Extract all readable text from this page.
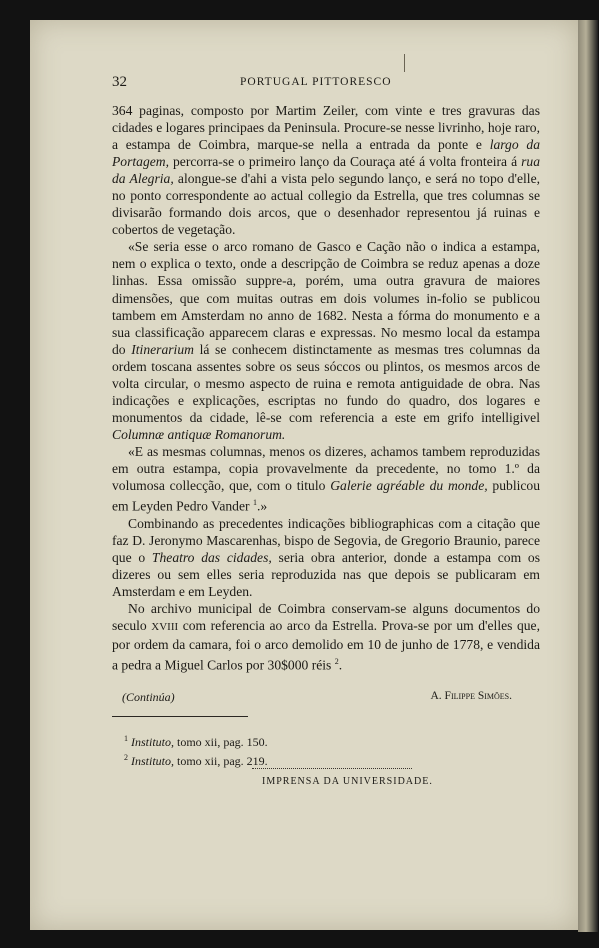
32	PORTUGAL PITTORESCO

364 paginas, composto por Martim Zeiler, com vinte e tres gravuras das cidades e logares principaes da Peninsula. Procure-se nesse livrinho, hoje raro, a estampa de Coimbra, marque-se nella a entrada da ponte e largo da Portagem, percorra-se o primeiro lanço da Couraça até á volta fronteira á rua da Alegria, alongue-se d'ahi a vista pelo segundo lanço, e será no topo d'elle, no ponto correspondente ao actual collegio da Estrella, que tres columnas se divisarão formando dois arcos, que o desenhador representou já ruinas e cobertos de vegetação.

«Se seria esse o arco romano de Gasco e Cação não o indica a estampa, nem o explica o texto, onde a descripção de Coimbra se reduz apenas a doze linhas. Essa omissão suppre-a, porém, uma outra gravura de maiores dimensões, que com muitas outras em dois volumes in-folio se publicou tambem em Amsterdam no anno de 1682. Nesta a fórma do monumento e a sua classificação apparecem claras e expressas. No mesmo local da estampa do Itinerarium lá se conhecem distinctamente as mesmas tres columnas da ordem toscana assentes sobre os seus sóccos ou plintos, os mesmos arcos de volta circular, o mesmo aspecto de ruina e remota antiguidade de obra. Nas indicações e explicações, escriptas no fundo do quadro, dos logares e monumentos da cidade, lê-se com referencia a este em grifo intelligivel Columnæ antiquæ Romanorum.

«E as mesmas columnas, menos os dizeres, achamos tambem reproduzidas em outra estampa, copia provavelmente da precedente, no tomo 1.º da volumosa collecção, que, com o titulo Galerie agréable du monde, publicou em Leyden Pedro Vander $^1$.»

Combinando as precedentes indicações bibliographicas com a citação que faz D. Jeronymo Mascarenhas, bispo de Segovia, de Gregorio Braunio, parece que o Theatro das cidades, seria obra anterior, donde a estampa com os dizeres ou sem elles seria reproduzida nas que depois se publicaram em Amsterdam e em Leyden.

No archivo municipal de Coimbra conservam-se alguns documentos do seculo XVIII com referencia ao arco da Estrella. Prova-se por um d'elles que, por ordem da camara, foi o arco demolido em 10 de junho de 1778, e vendida a pedra a Miguel Carlos por 30$000 réis $^2$.

(Continúa)	A. Filippe Simões.

$^1$ Instituto, tomo xii, pag. 150.

$^2$ Instituto, tomo xii, pag. 219.

IMPRENSA DA UNIVERSIDADE.
